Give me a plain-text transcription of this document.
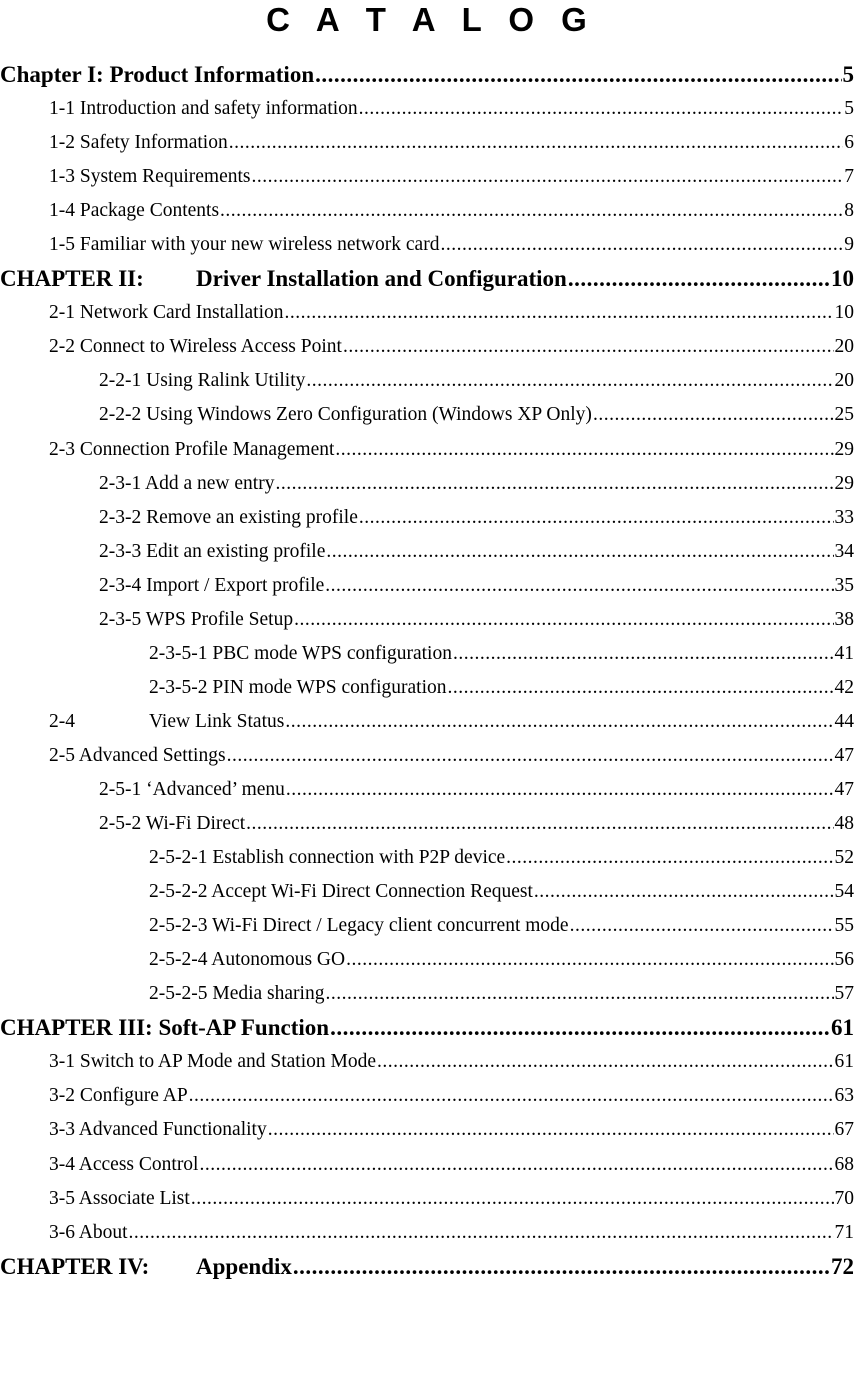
C A T A L O G
Chapter I: Product Information .....	5
1-1 Introduction and safety information .....	5
1-2 Safety Information .....	6
1-3 System Requirements .....	7
1-4 Package Contents .....	8
1-5 Familiar with your new wireless network card .....	9
CHAPTER II:	Driver Installation and Configuration .....	10
2-1 Network Card Installation .....	10
2-2 Connect to Wireless Access Point .....	20
2-2-1 Using Ralink Utility .....	20
2-2-2 Using Windows Zero Configuration (Windows XP Only) .....	25
2-3 Connection Profile Management .....	29
2-3-1 Add a new entry .....	29
2-3-2 Remove an existing profile .....	33
2-3-3 Edit an existing profile .....	34
2-3-4 Import / Export profile .....	35
2-3-5 WPS Profile Setup .....	38
2-3-5-1 PBC mode WPS configuration .....	41
2-3-5-2 PIN mode WPS configuration .....	42
2-4	View Link Status .....	44
2-5 Advanced Settings .....	47
2-5-1 ‘Advanced’ menu .....	47
2-5-2 Wi-Fi Direct .....	48
2-5-2-1 Establish connection with P2P device .....	52
2-5-2-2 Accept Wi-Fi Direct Connection Request .....	54
2-5-2-3 Wi-Fi Direct / Legacy client concurrent mode .....	55
2-5-2-4 Autonomous GO .....	56
2-5-2-5 Media sharing .....	57
CHAPTER III: Soft-AP Function .....	61
3-1 Switch to AP Mode and Station Mode .....	61
3-2 Configure AP .....	63
3-3 Advanced Functionality .....	67
3-4 Access Control .....	68
3-5 Associate List .....	70
3-6 About .....	71
CHAPTER IV:	Appendix .....	72
